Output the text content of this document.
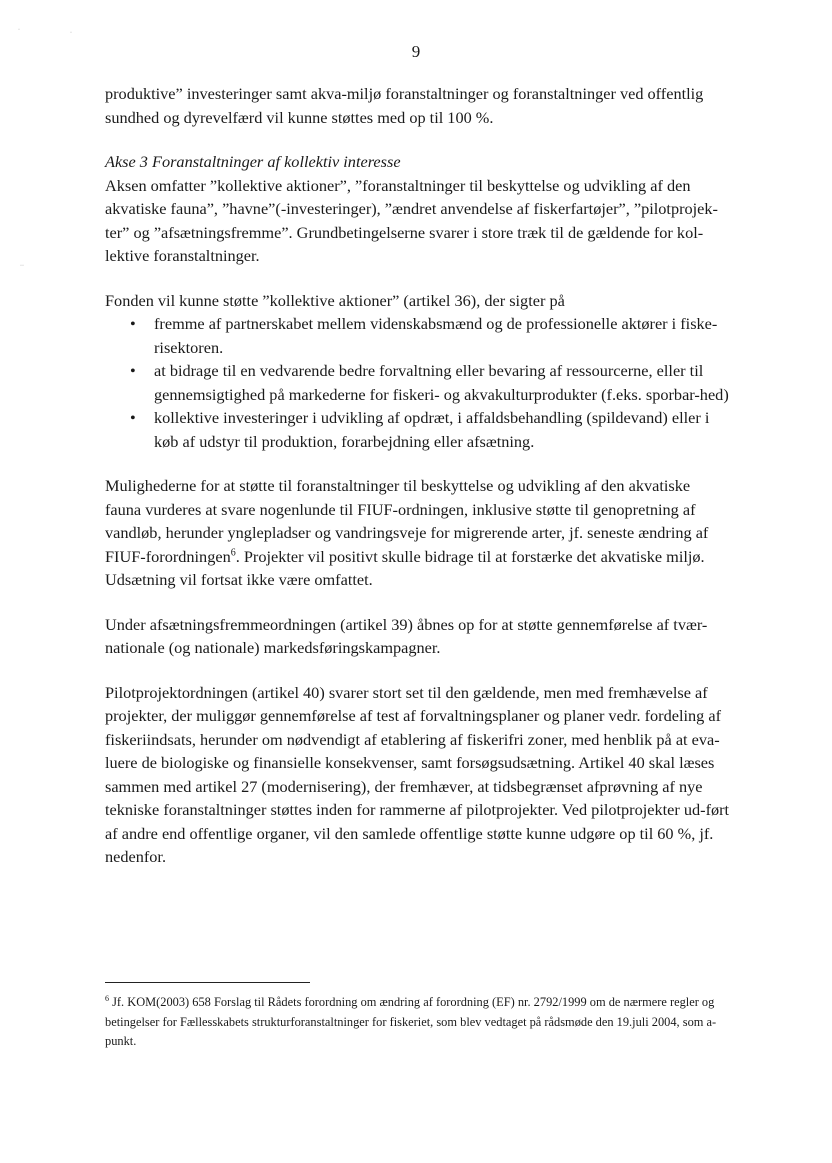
9

produktive” investeringer samt akva-miljø foranstaltninger og foranstaltninger ved offentlig sundhed og dyrevelfærd vil kunne støttes med op til 100 %.

Akse 3 Foranstaltninger af kollektiv interesse

Aksen omfatter ”kollektive aktioner”, ”foranstaltninger til beskyttelse og udvikling af den akvatiske fauna”, ”havne”(-investeringer), ”ændret anvendelse af fiskerfartøjer”, ”pilotprojek-ter” og ”afsætningsfremme”. Grundbetingelserne svarer i store træk til de gældende for kol-lektive foranstaltninger.

Fonden vil kunne støtte ”kollektive aktioner” (artikel 36), der sigter på

• fremme af partnerskabet mellem videnskabsmænd og de professionelle aktører i fiske-risektoren.
• at bidrage til en vedvarende bedre forvaltning eller bevaring af ressourcerne, eller til gennemsigtighed på markederne for fiskeri- og akvakulturprodukter (f.eks. sporbar-hed)
• kollektive investeringer i udvikling af opdræt, i affaldsbehandling (spildevand) eller i køb af udstyr til produktion, forarbejdning eller afsætning.

Mulighederne for at støtte til foranstaltninger til beskyttelse og udvikling af den akvatiske fauna vurderes at svare nogenlunde til FIUF-ordningen, inklusive støtte til genopretning af vandløb, herunder ynglepladser og vandringsveje for migrerende arter, jf. seneste ændring af FIUF-forordningen$^6$. Projekter vil positivt skulle bidrage til at forstærke det akvatiske miljø. Udsætning vil fortsat ikke være omfattet.

Under afsætningsfremmeordningen (artikel 39) åbnes op for at støtte gennemførelse af tvær-nationale (og nationale) markedsføringskampagner.

Pilotprojektordningen (artikel 40) svarer stort set til den gældende, men med fremhævelse af projekter, der muliggør gennemførelse af test af forvaltningsplaner og planer vedr. fordeling af fiskeriindsats, herunder om nødvendigt af etablering af fiskerifri zoner, med henblik på at eva-luere de biologiske og finansielle konsekvenser, samt forsøgsudsætning. Artikel 40 skal læses sammen med artikel 27 (modernisering), der fremhæver, at tidsbegrænset afprøvning af nye tekniske foranstaltninger støttes inden for rammerne af pilotprojekter. Ved pilotprojekter ud-ført af andre end offentlige organer, vil den samlede offentlige støtte kunne udgøre op til 60 %, jf. nedenfor.

$^6$ Jf. KOM(2003) 658 Forslag til Rådets forordning om ændring af forordning (EF) nr. 2792/1999 om de nærmere regler og betingelser for Fællesskabets strukturforanstaltninger for fiskeriet, som blev vedtaget på rådsmøde den 19.juli 2004, som a-punkt.
·	·
··
